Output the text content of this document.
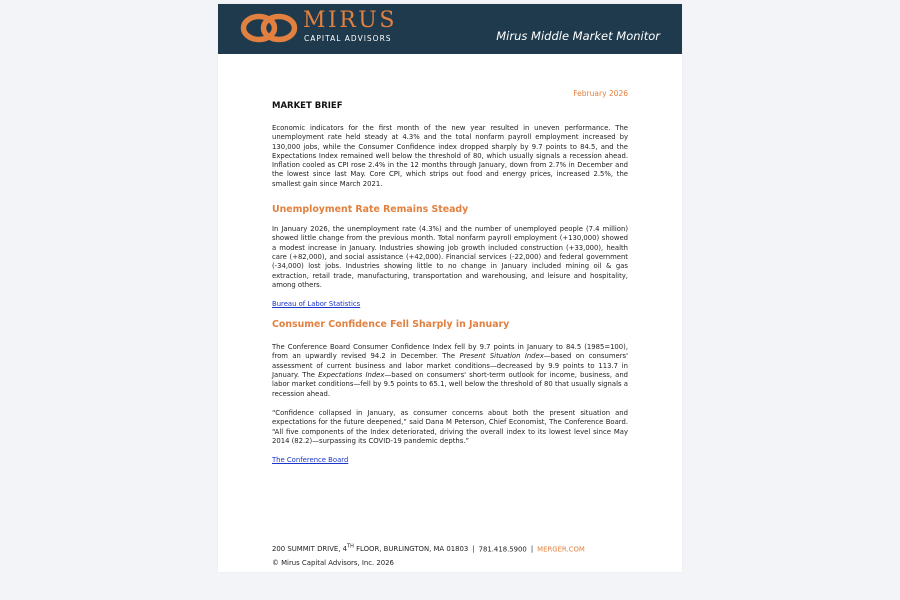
MIRUS
CAPITAL ADVISORS	Mirus Middle Market Monitor
February 2026

MARKET BRIEF

Economic indicators for the first month of the new year resulted in uneven performance. The unemployment rate held steady at 4.3% and the total nonfarm payroll employment increased by 130,000 jobs, while the Consumer Confidence index dropped sharply by 9.7 points to 84.5, and the Expectations Index remained well below the threshold of 80, which usually signals a recession ahead. Inflation cooled as CPI rose 2.4% in the 12 months through January, down from 2.7% in December and the lowest since last May. Core CPI, which strips out food and energy prices, increased 2.5%, the smallest gain since March 2021.

Unemployment Rate Remains Steady

In January 2026, the unemployment rate (4.3%) and the number of unemployed people (7.4 million) showed little change from the previous month. Total nonfarm payroll employment (+130,000) showed a modest increase in January. Industries showing job growth included construction (+33,000), health care (+82,000), and social assistance (+42,000). Financial services (-22,000) and federal government (-34,000) lost jobs. Industries showing little to no change in January included mining oil & gas extraction, retail trade, manufacturing, transportation and warehousing, and leisure and hospitality, among others.

Bureau of Labor Statistics

Consumer Confidence Fell Sharply in January

The Conference Board Consumer Confidence Index fell by 9.7 points in January to 84.5 (1985=100), from an upwardly revised 94.2 in December. The Present Situation Index—based on consumers' assessment of current business and labor market conditions—decreased by 9.9 points to 113.7 in January. The Expectations Index—based on consumers' short-term outlook for income, business, and labor market conditions—fell by 9.5 points to 65.1, well below the threshold of 80 that usually signals a recession ahead.

“Confidence collapsed in January, as consumer concerns about both the present situation and expectations for the future deepened,” said Dana M Peterson, Chief Economist, The Conference Board. “All five components of the Index deteriorated, driving the overall index to its lowest level since May 2014 (82.2)—surpassing its COVID-19 pandemic depths.”

The Conference Board

200 SUMMIT DRIVE, 4TH FLOOR, BURLINGTON, MA 01803 | 781.418.5900 | MERGER.COM
© Mirus Capital Advisors, Inc. 2026
